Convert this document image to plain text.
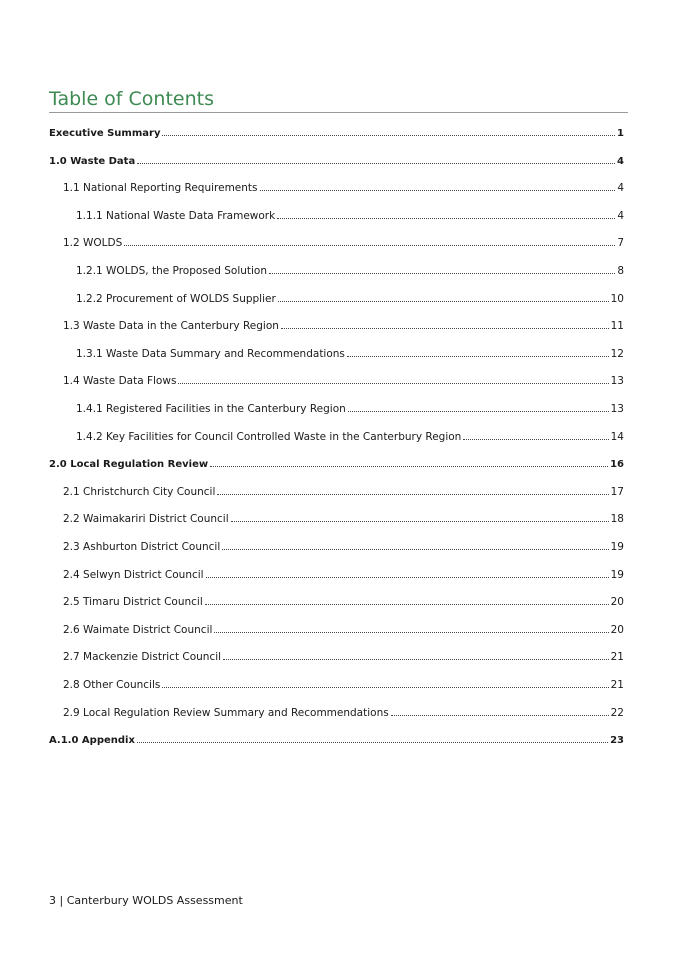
Table of Contents
Executive Summary	1
1.0 Waste Data	4
1.1 National Reporting Requirements	4
1.1.1 National Waste Data Framework	4
1.2 WOLDS	7
1.2.1 WOLDS, the Proposed Solution	8
1.2.2 Procurement of WOLDS Supplier	10
1.3 Waste Data in the Canterbury Region	11
1.3.1 Waste Data Summary and Recommendations	12
1.4 Waste Data Flows	13
1.4.1 Registered Facilities in the Canterbury Region	13
1.4.2 Key Facilities for Council Controlled Waste in the Canterbury Region	14
2.0 Local Regulation Review	16
2.1 Christchurch City Council	17
2.2 Waimakariri District Council	18
2.3 Ashburton District Council	19
2.4 Selwyn District Council	19
2.5 Timaru District Council	20
2.6 Waimate District Council	20
2.7 Mackenzie District Council	21
2.8 Other Councils	21
2.9 Local Regulation Review Summary and Recommendations	22
A.1.0 Appendix	23
3 | Canterbury WOLDS Assessment
